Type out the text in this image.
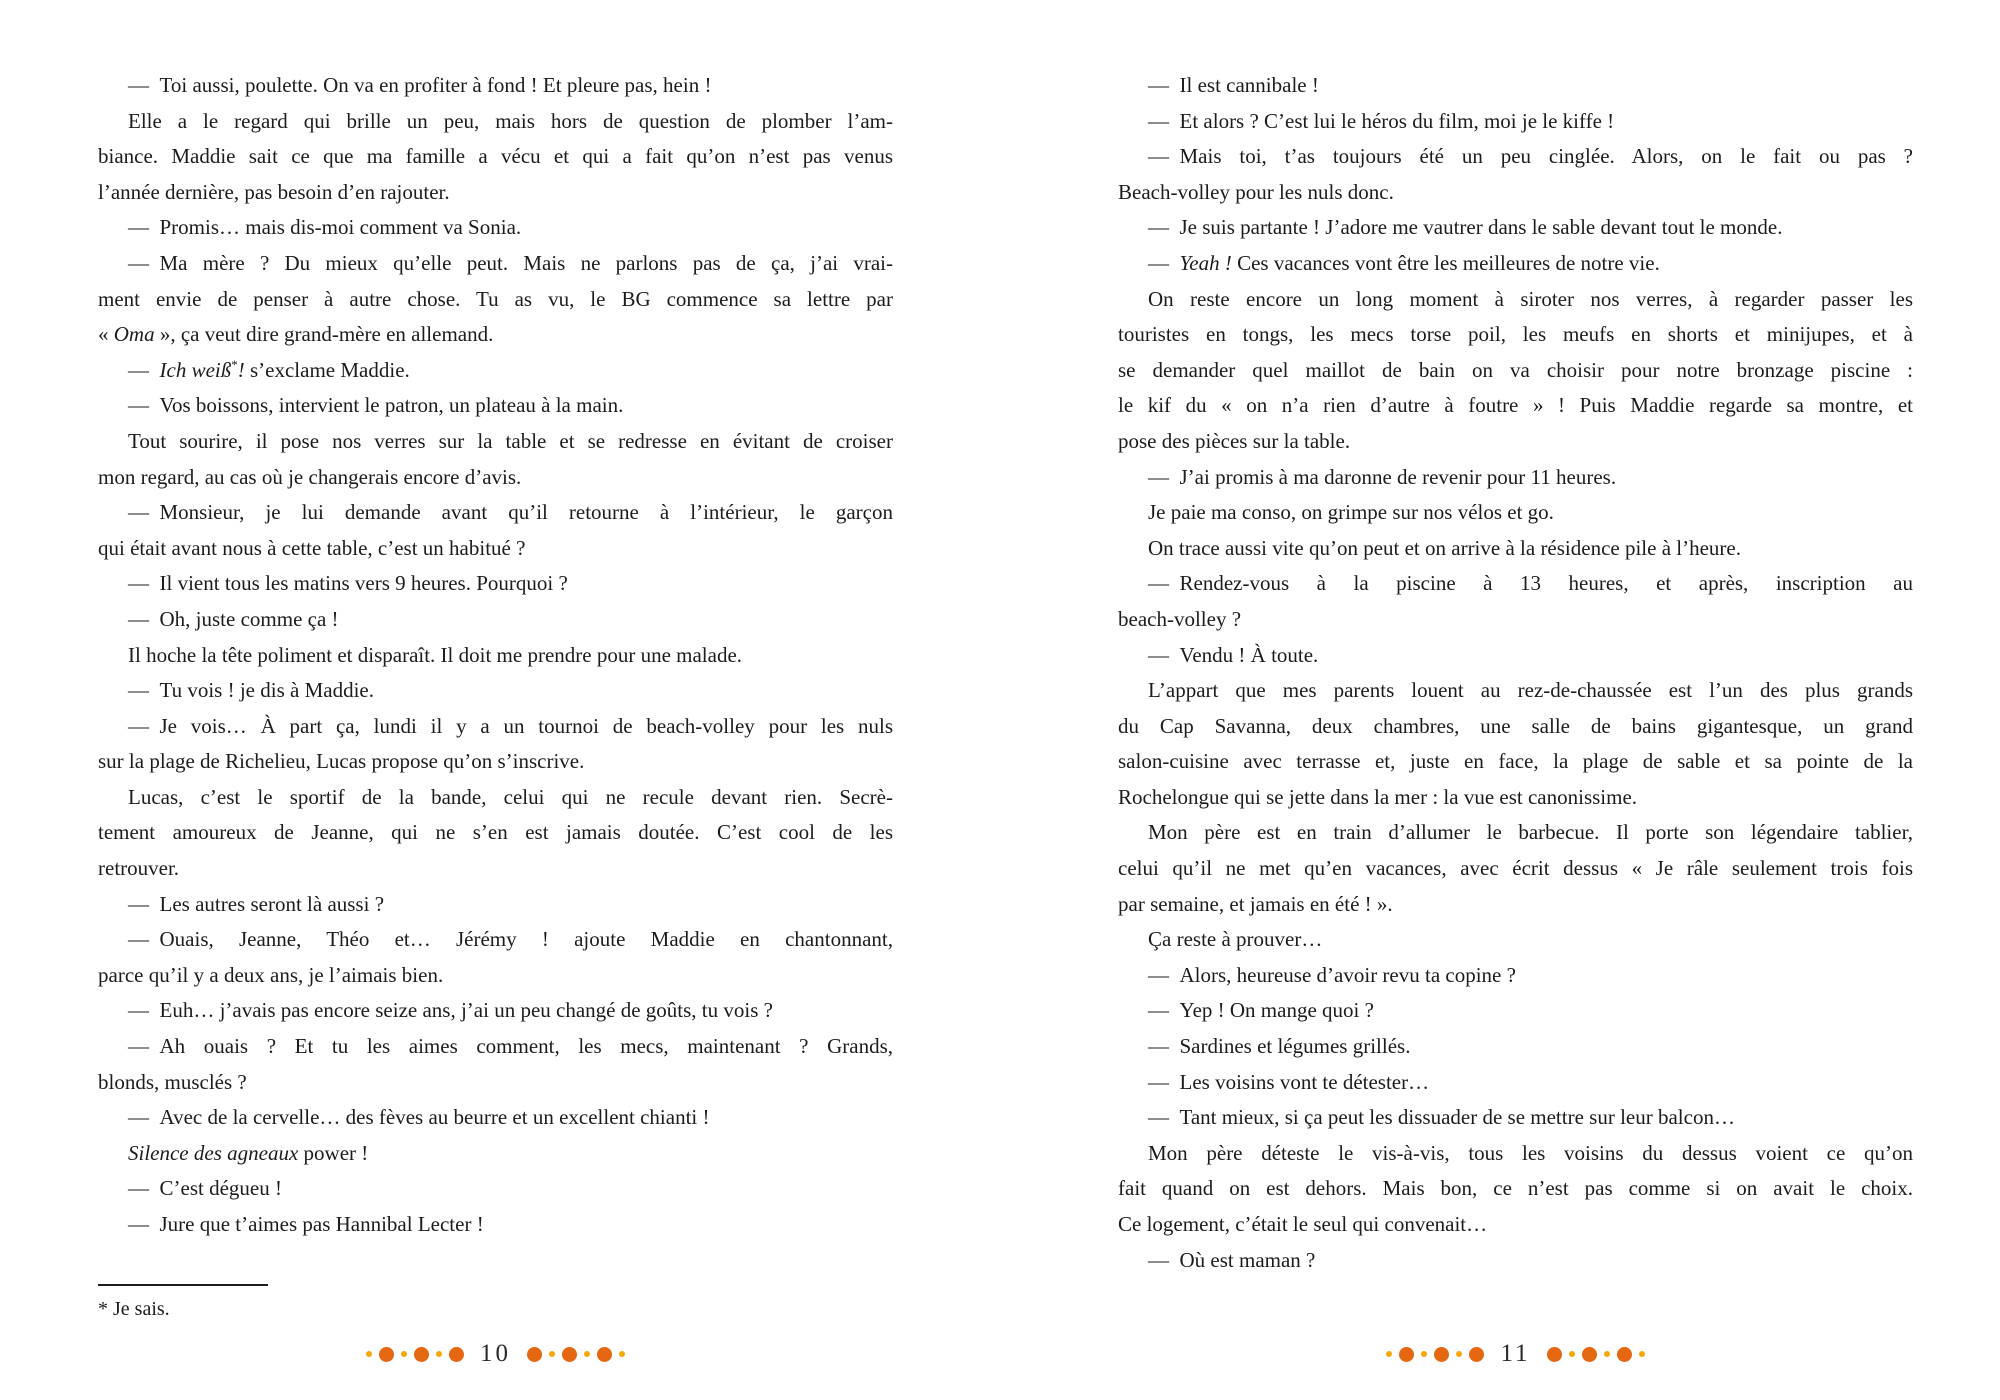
— Toi aussi, poulette. On va en profiter à fond ! Et pleure pas, hein !
Elle a le regard qui brille un peu, mais hors de question de plomber l’am-
biance. Maddie sait ce que ma famille a vécu et qui a fait qu’on n’est pas venus
l’année dernière, pas besoin d’en rajouter.
— Promis… mais dis-moi comment va Sonia.
— Ma mère ? Du mieux qu’elle peut. Mais ne parlons pas de ça, j’ai vrai-
ment envie de penser à autre chose. Tu as vu, le BG commence sa lettre par
« Oma », ça veut dire grand-mère en allemand.
— Ich weiß*! s’exclame Maddie.
— Vos boissons, intervient le patron, un plateau à la main.
Tout sourire, il pose nos verres sur la table et se redresse en évitant de croiser
mon regard, au cas où je changerais encore d’avis.
— Monsieur, je lui demande avant qu’il retourne à l’intérieur, le garçon
qui était avant nous à cette table, c’est un habitué ?
— Il vient tous les matins vers 9 heures. Pourquoi ?
— Oh, juste comme ça !
Il hoche la tête poliment et disparaît. Il doit me prendre pour une malade.
— Tu vois ! je dis à Maddie.
— Je vois… À part ça, lundi il y a un tournoi de beach-volley pour les nuls
sur la plage de Richelieu, Lucas propose qu’on s’inscrive.
Lucas, c’est le sportif de la bande, celui qui ne recule devant rien. Secrè-
tement amoureux de Jeanne, qui ne s’en est jamais doutée. C’est cool de les
retrouver.
— Les autres seront là aussi ?
— Ouais, Jeanne, Théo et… Jérémy ! ajoute Maddie en chantonnant,
parce qu’il y a deux ans, je l’aimais bien.
— Euh… j’avais pas encore seize ans, j’ai un peu changé de goûts, tu vois ?
— Ah ouais ? Et tu les aimes comment, les mecs, maintenant ? Grands,
blonds, musclés ?
— Avec de la cervelle… des fèves au beurre et un excellent chianti !
Silence des agneaux power !
— C’est dégueu !
— Jure que t’aimes pas Hannibal Lecter !
* Je sais.
10
— Il est cannibale !
— Et alors ? C’est lui le héros du film, moi je le kiffe !
— Mais toi, t’as toujours été un peu cinglée. Alors, on le fait ou pas ?
Beach-volley pour les nuls donc.
— Je suis partante ! J’adore me vautrer dans le sable devant tout le monde.
— Yeah ! Ces vacances vont être les meilleures de notre vie.
On reste encore un long moment à siroter nos verres, à regarder passer les
touristes en tongs, les mecs torse poil, les meufs en shorts et minijupes, et à
se demander quel maillot de bain on va choisir pour notre bronzage piscine :
le kif du « on n’a rien d’autre à foutre » ! Puis Maddie regarde sa montre, et
pose des pièces sur la table.
— J’ai promis à ma daronne de revenir pour 11 heures.
Je paie ma conso, on grimpe sur nos vélos et go.
On trace aussi vite qu’on peut et on arrive à la résidence pile à l’heure.
— Rendez-vous à la piscine à 13 heures, et après, inscription au
beach-volley ?
— Vendu ! À toute.
L’appart que mes parents louent au rez-de-chaussée est l’un des plus grands
du Cap Savanna, deux chambres, une salle de bains gigantesque, un grand
salon-cuisine avec terrasse et, juste en face, la plage de sable et sa pointe de la
Rochelongue qui se jette dans la mer : la vue est canonissime.
Mon père est en train d’allumer le barbecue. Il porte son légendaire tablier,
celui qu’il ne met qu’en vacances, avec écrit dessus « Je râle seulement trois fois
par semaine, et jamais en été ! ».
Ça reste à prouver…
— Alors, heureuse d’avoir revu ta copine ?
— Yep ! On mange quoi ?
— Sardines et légumes grillés.
— Les voisins vont te détester…
— Tant mieux, si ça peut les dissuader de se mettre sur leur balcon…
Mon père déteste le vis-à-vis, tous les voisins du dessus voient ce qu’on
fait quand on est dehors. Mais bon, ce n’est pas comme si on avait le choix.
Ce logement, c’était le seul qui convenait…
— Où est maman ?
11
